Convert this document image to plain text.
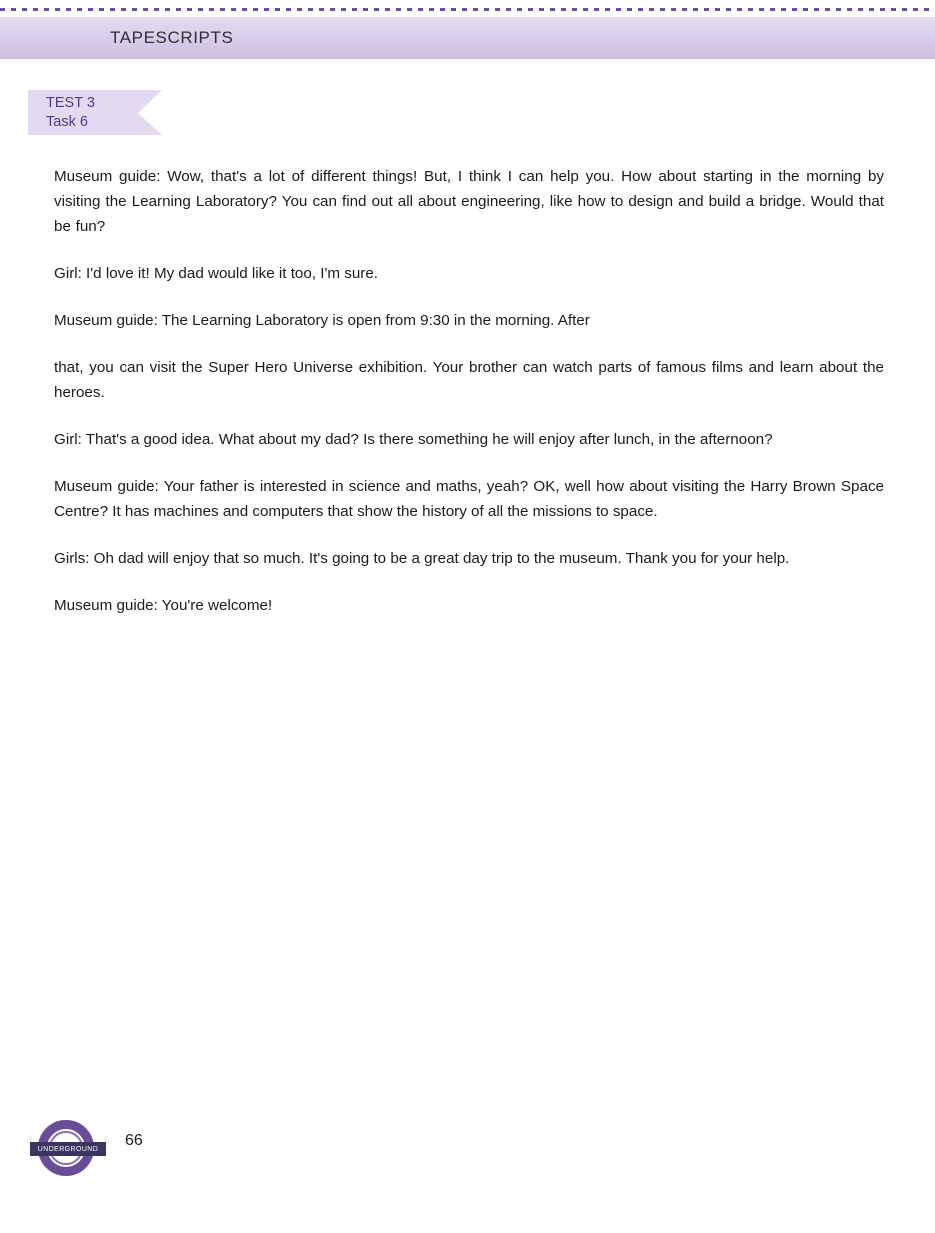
TAPESCRIPTS
TEST 3
Task 6

Museum guide: Wow, that's a lot of different things! But, I think I can help you. How about starting in the morning by visiting the Learning Laboratory? You can find out all about engineering, like how to design and build a bridge. Would that be fun?

Girl: I'd love it! My dad would like it too, I'm sure.

Museum guide: The Learning Laboratory is open from 9:30 in the morning. After

that, you can visit the Super Hero Universe exhibition. Your brother can watch parts of famous films and learn about the heroes.

Girl: That's a good idea. What about my dad? Is there something he will enjoy after lunch, in the afternoon?

Museum guide: Your father is interested in science and maths, yeah? OK, well how about visiting the Harry Brown Space Centre? It has machines and computers that show the history of all the missions to space.

Girls: Oh dad will enjoy that so much. It's going to be a great day trip to the museum. Thank you for your help.

Museum guide: You're welcome!

UNDERGROUND 66
